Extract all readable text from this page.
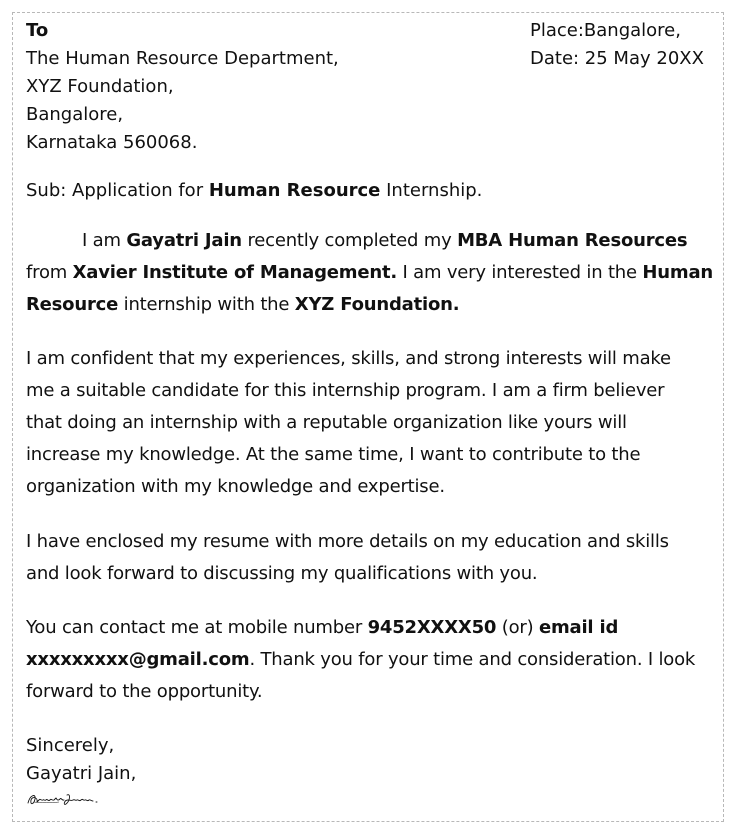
To
The Human Resource Department,
XYZ Foundation,
Bangalore,
Karnataka 560068.
Place:Bangalore,
Date: 25 May 20XX
Sub: Application for Human Resource Internship.
I am Gayatri Jain recently completed my MBA Human Resources
from Xavier Institute of Management. I am very interested in the Human
Resource internship with the XYZ Foundation.
I am confident that my experiences, skills, and strong interests will make
me a suitable candidate for this internship program. I am a firm believer
that doing an internship with a reputable organization like yours will
increase my knowledge. At the same time, I want to contribute to the
organization with my knowledge and expertise.
I have enclosed my resume with more details on my education and skills
and look forward to discussing my qualifications with you.
You can contact me at mobile number 9452XXXX50 (or) email id
xxxxxxxxx@gmail.com. Thank you for your time and consideration. I look
forward to the opportunity.
Sincerely,
Gayatri Jain,
